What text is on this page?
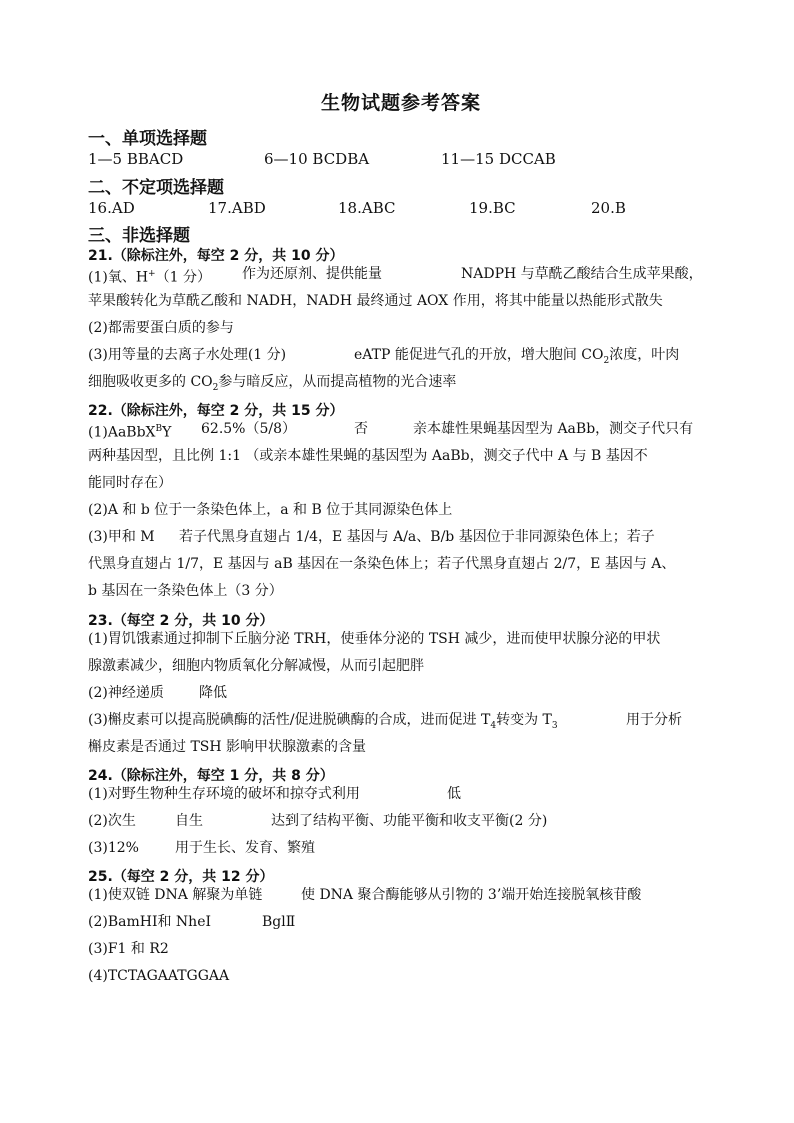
生物试题参考答案
一、单项选择题
1—5 BBACD	6—10 BCDBA	11—15 DCCAB
二、不定项选择题
16.AD	17.ABD	18.ABC	19.BC	20.B
三、非选择题
21.（除标注外，每空 2 分，共 10 分）
(1)氧、H+（1 分） 作为还原剂、提供能量	NADPH 与草酰乙酸结合生成苹果酸，
苹果酸转化为草酰乙酸和 NADH，NADH 最终通过 AOX 作用，将其中能量以热能形式散失
(2)都需要蛋白质的参与
(3)用等量的去离子水处理(1 分)	eATP 能促进气孔的开放，增大胞间 $CO_2$浓度，叶肉
细胞吸收更多的 $CO_2$参与暗反应，从而提高植物的光合速率
22.（除标注外，每空 2 分，共 15 分）
(1)AaBbX$^B$Y 62.5%（5/8）	否	亲本雄性果蝇基因型为 AaBb，测交子代只有
两种基因型，且比例 1:1 （或亲本雄性果蝇的基因型为 AaBb，测交子代中 A 与 B 基因不
能同时存在）
(2)A 和 b 位于一条染色体上，a 和 B 位于其同源染色体上
(3)甲和 M 若子代黑身直翅占 1/4，E 基因与 A/a、B/b 基因位于非同源染色体上；若子
代黑身直翅占 1/7，E 基因与 aB 基因在一条染色体上；若子代黑身直翅占 2/7，E 基因与 A、
b 基因在一条染色体上（3 分）
23.（每空 2 分，共 10 分）
(1)胃饥饿素通过抑制下丘脑分泌 TRH，使垂体分泌的 TSH 减少，进而使甲状腺分泌的甲状
腺激素减少，细胞内物质氧化分解减慢，从而引起肥胖
(2)神经递质	降低
(3)槲皮素可以提高脱碘酶的活性/促进脱碘酶的合成，进而促进 $T_4$转变为 $T_3$	用于分析
槲皮素是否通过 TSH 影响甲状腺激素的含量
24.（除标注外，每空 1 分，共 8 分）
(1)对野生物种生存环境的破坏和掠夺式利用	低
(2)次生	自生	达到了结构平衡、功能平衡和收支平衡(2 分)
(3)12%	用于生长、发育、繁殖
25.（每空 2 分，共 12 分）
(1)使双链 DNA 解聚为单链	使 DNA 聚合酶能够从引物的 3’端开始连接脱氧核苷酸
(2)BamHⅠ和 NheⅠ	BglⅡ
(3)F1 和 R2
(4)TCTAGAATGGAA
